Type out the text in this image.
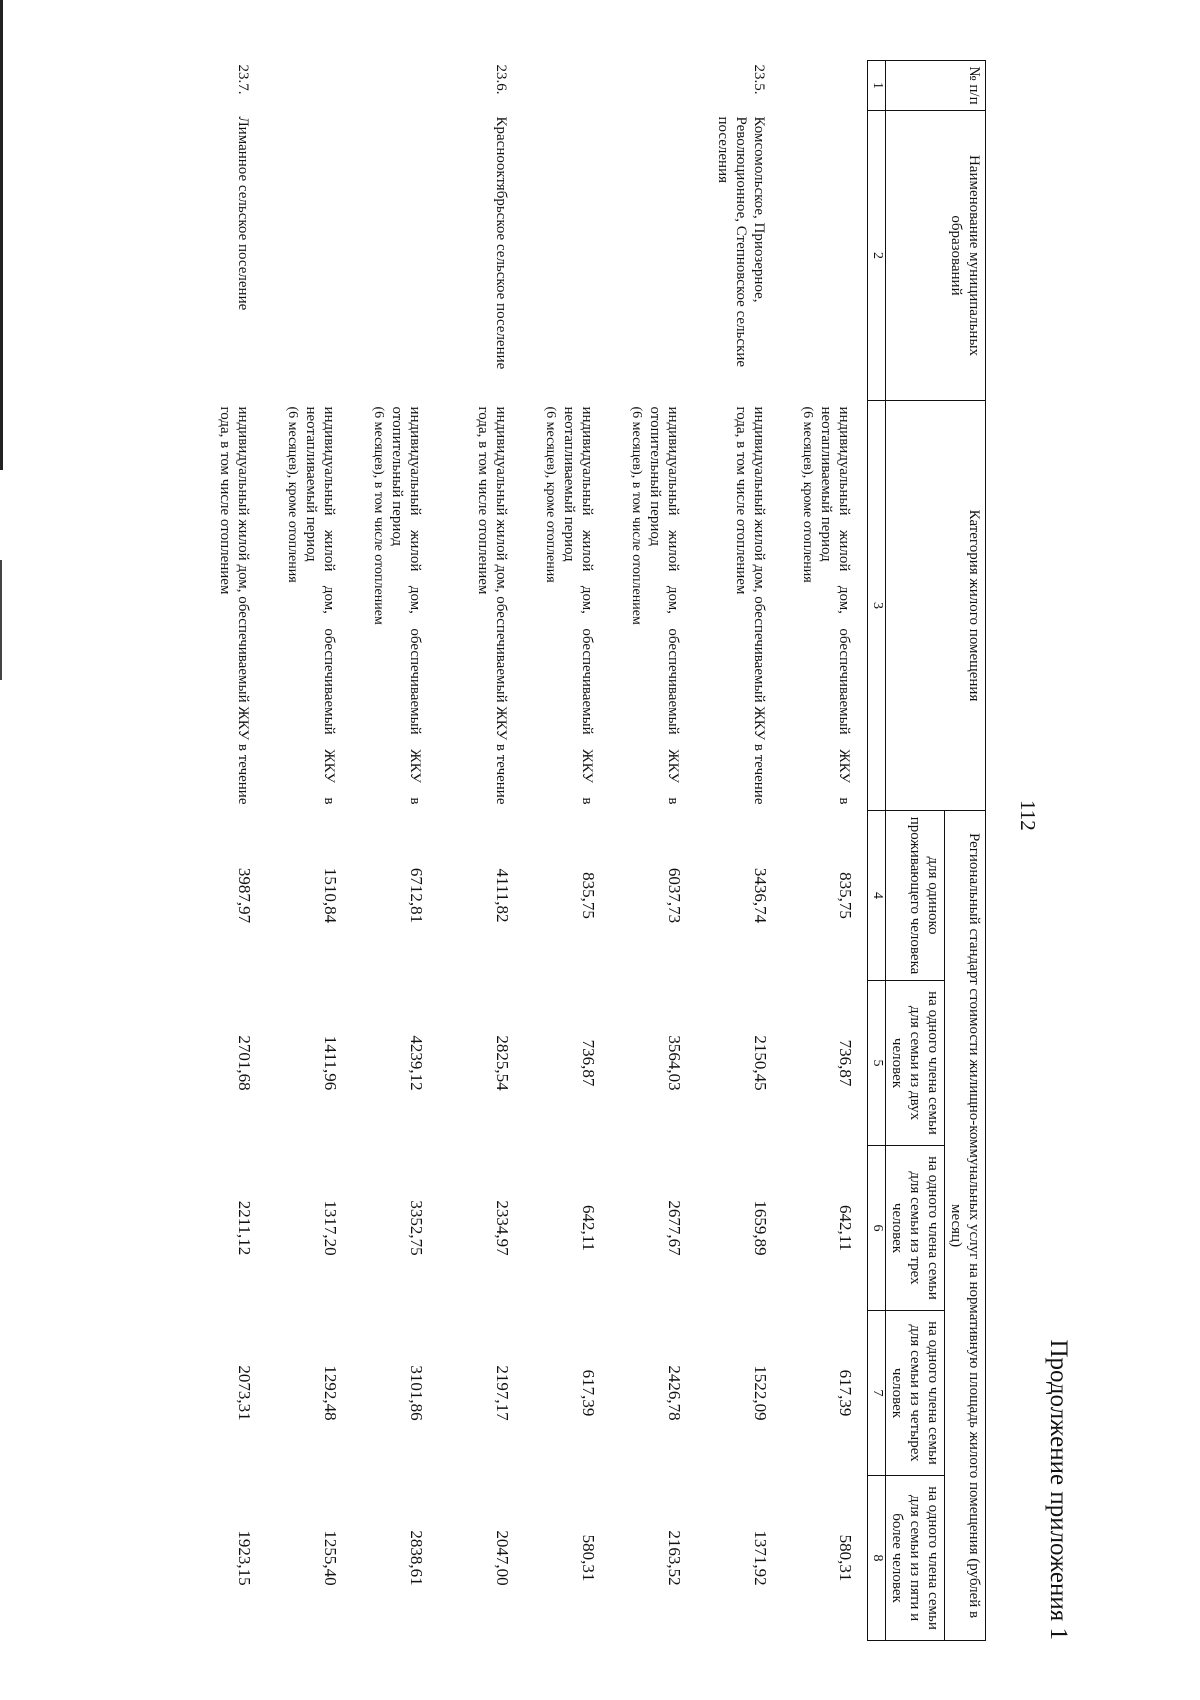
Продолжение приложения 1
112
№ п/п	Наименование муниципальных образований	Категория жилого помещения	Региональный стандарт стоимости жилищно-коммунальных услуг на нормативную площадь жилого помещения (рублей в месяц)				
			для одиноко проживающего человека	на одного члена семьи для семьи из двух человек	на одного члена семьи для семьи из трех человек	на одного члена семьи для семьи из четырех человек	на одного члена семьи для семьи из пяти и более человек
1	2	3	4	5	6	7	8
		индивидуальный жилой дом, обеспечиваемый ЖКУ в неотапливаемый период
(6 месяцев), кроме отопления	835,75	736,87	642,11	617,39	580,31
23.5.	Комсомольское, Приозерное, Революционное, Степновское сельские поселения	индивидуальный жилой дом, обеспечиваемый ЖКУ в течение года, в том числе отоплением	3436,74	2150,45	1659,89	1522,09	1371,92
		индивидуальный жилой дом, обеспечиваемый ЖКУ в отопительный период
(6 месяцев), в том числе отоплением	6037,73	3564,03	2677,67	2426,78	2163,52
		индивидуальный жилой дом, обеспечиваемый ЖКУ в неотапливаемый период
(6 месяцев), кроме отопления	835,75	736,87	642,11	617,39	580,31
23.6.	Краснооктябрьское сельское поселение	индивидуальный жилой дом, обеспечиваемый ЖКУ в течение года, в том числе отоплением	4111,82	2825,54	2334,97	2197,17	2047,00
		индивидуальный жилой дом, обеспечиваемый ЖКУ в отопительный период
(6 месяцев), в том числе отоплением	6712,81	4239,12	3352,75	3101,86	2838,61
		индивидуальный жилой дом, обеспечиваемый ЖКУ в неотапливаемый период
(6 месяцев), кроме отопления	1510,84	1411,96	1317,20	1292,48	1255,40
23.7.	Лиманное сельское поселение	индивидуальный жилой дом, обеспечиваемый ЖКУ в течение года, в том числе отоплением	3987,97	2701,68	2211,12	2073,31	1923,15
